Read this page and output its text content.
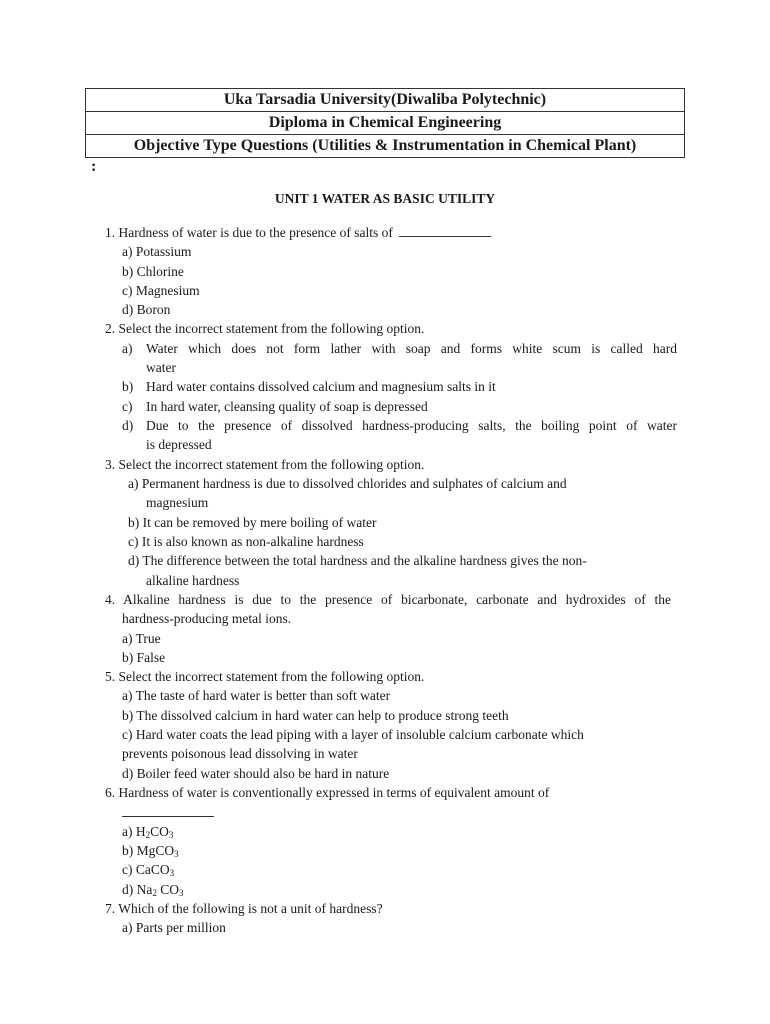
Uka Tarsadia University(Diwaliba Polytechnic)
Diploma in Chemical Engineering
Objective Type Questions (Utilities & Instrumentation in Chemical Plant)
:
UNIT 1 WATER AS BASIC UTILITY
1. Hardness of water is due to the presence of salts of
a) Potassium
b) Chlorine
c) Magnesium
d) Boron
2. Select the incorrect statement from the following option.
a) Water which does not form lather with soap and forms white scum is called hard
water
b) Hard water contains dissolved calcium and magnesium salts in it
c) In hard water, cleansing quality of soap is depressed
d) Due to the presence of dissolved hardness-producing salts, the boiling point of water
is depressed
3. Select the incorrect statement from the following option.
a) Permanent hardness is due to dissolved chlorides and sulphates of calcium and
magnesium
b) It can be removed by mere boiling of water
c) It is also known as non-alkaline hardness
d) The difference between the total hardness and the alkaline hardness gives the non-
alkaline hardness
4. Alkaline hardness is due to the presence of bicarbonate, carbonate and hydroxides of the
hardness-producing metal ions.
a) True
b) False
5. Select the incorrect statement from the following option.
a) The taste of hard water is better than soft water
b) The dissolved calcium in hard water can help to produce strong teeth
c) Hard water coats the lead piping with a layer of insoluble calcium carbonate which
prevents poisonous lead dissolving in water
d) Boiler feed water should also be hard in nature
6. Hardness of water is conventionally expressed in terms of equivalent amount of
a) $H_2CO_3$
b) MgCO$_3$
c) CaCO$_3$
d) $Na_2$ $CO_3$
7. Which of the following is not a unit of hardness?
a) Parts per million
